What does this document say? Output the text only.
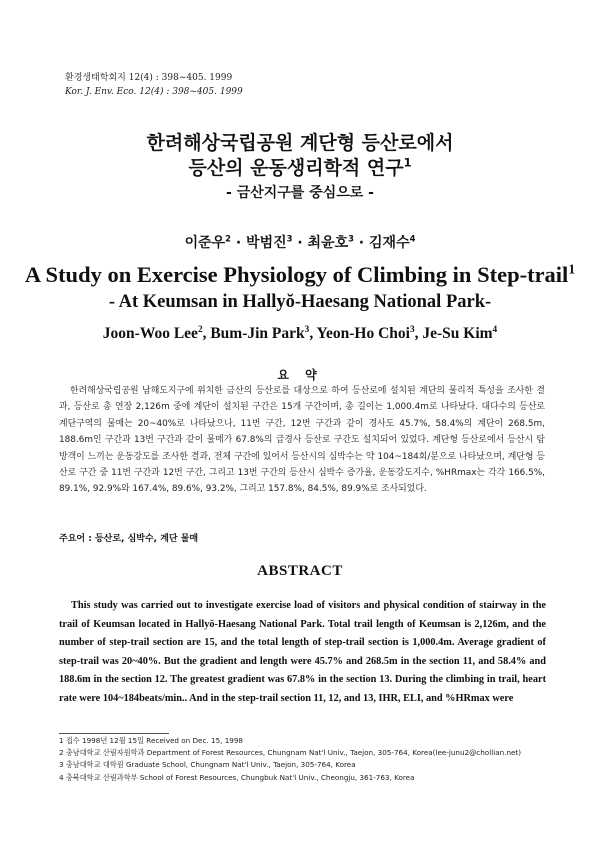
환경생태학회지 12(4) : 398~405. 1999
Kor. J. Env. Eco. 12(4) : 398~405. 1999
한려해상국립공원 계단형 등산로에서
등산의 운동생리학적 연구$^1$
- 금산지구를 중심으로 -
이준우$^2$ · 박범진$^3$ · 최윤호$^3$ · 김재수$^4$
A Study on Exercise Physiology of Climbing in Step-trail$^1$
- At Keumsan in Hallyŏ-Haesang National Park-
Joon-Woo Lee$^2$, Bum-Jin Park$^3$, Yeon-Ho Choi$^3$, Je-Su Kim$^4$
요 약

한려해상국립공원 남해도지구에 위치한 금산의 등산로를 대상으로 하여 등산로에 설치된 계단의 물리적 특성을 조사한 결과, 등산로 총 연장 2,126m 중에 계단이 설치된 구간은 15개 구간이며, 총 길이는 1,000.4m로 나타났다. 대다수의 등산로 계단구역의 물매는 20~40%로 나타났으나, 11번 구간, 12번 구간과 같이 경사도 45.7%, 58.4%의 계단이 268.5m, 188.6m인 구간과 13번 구간과 같이 물매가 67.8%의 급경사 등산로 구간도 설치되어 있었다. 계단형 등산로에서 등산시 탐방객이 느끼는 운동강도를 조사한 결과, 전체 구간에 있어서 등산시의 심박수는 약 104~184회/분으로 나타났으며, 계단형 등산로 구간 중 11번 구간과 12번 구간, 그리고 13번 구간의 등산시 심박수 증가율, 운동강도지수, %HRmax는 각각 166.5%, 89.1%, 92.9%와 167.4%, 89.6%, 93.2%, 그리고 157.8%, 84.5%, 89.9%로 조사되었다.

주요어 : 등산로, 심박수, 계단 물매
ABSTRACT

This study was carried out to investigate exercise load of visitors and physical condition of stairway in the trail of Keumsan located in Hallyŏ-Haesang National Park. Total trail length of Keumsan is 2,126m, and the number of step-trail section are 15, and the total length of step-trail section is 1,000.4m. Average gradient of step-trail was 20~40%. But the gradient and length were 45.7% and 268.5m in the section 11, and 58.4% and 188.6m in the section 12. The greatest gradient was 67.8% in the section 13. During the climbing in trail, heart rate were 104~184beats/min.. And in the step-trail section 11, 12, and 13, IHR, ELI, and %HRmax were

1 접수 1998년 12월 15일 Received on Dec. 15, 1998

2 충남대학교 산림자원학과 Department of Forest Resources, Chungnam Nat'l Univ., Taejon, 305-764, Korea(lee-junu2@chollian.net)

3 충남대학교 대학원 Graduate School, Chungnam Nat'l Univ., Taejon, 305-764, Korea

4 충북대학교 산림과학부 School of Forest Resources, Chungbuk Nat'l Univ., Cheongju, 361-763, Korea
